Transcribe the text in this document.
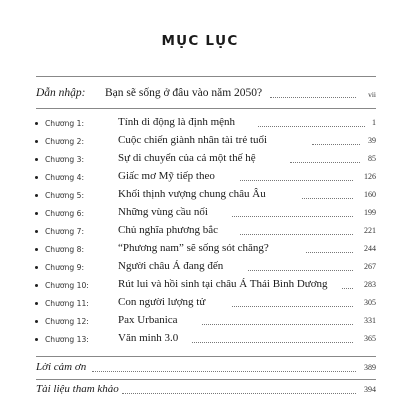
MỤC LỤC
Dẫn nhập: Bạn sẽ sống ở đâu vào năm 2050?	vii
Chương 1:	Tính di động là định mệnh	1
Chương 2:	Cuộc chiến giành nhân tài trẻ tuổi	39
Chương 3:	Sự di chuyển của cả một thế hệ	85
Chương 4:	Giấc mơ Mỹ tiếp theo	126
Chương 5:	Khối thịnh vượng chung châu Âu	160
Chương 6:	Những vùng cầu nối	199
Chương 7:	Chủ nghĩa phương bắc	221
Chương 8:	“Phương nam” sẽ sống sót chăng?	244
Chương 9:	Người châu Á đang đến	267
Chương 10:	Rút lui và hồi sinh tại châu Á Thái Bình Dương	283
Chương 11:	Con người lượng tử	305
Chương 12:	Pax Urbanica	331
Chương 13:	Văn minh 3.0	365
Lời cảm ơn	389
Tài liệu tham khảo	394
